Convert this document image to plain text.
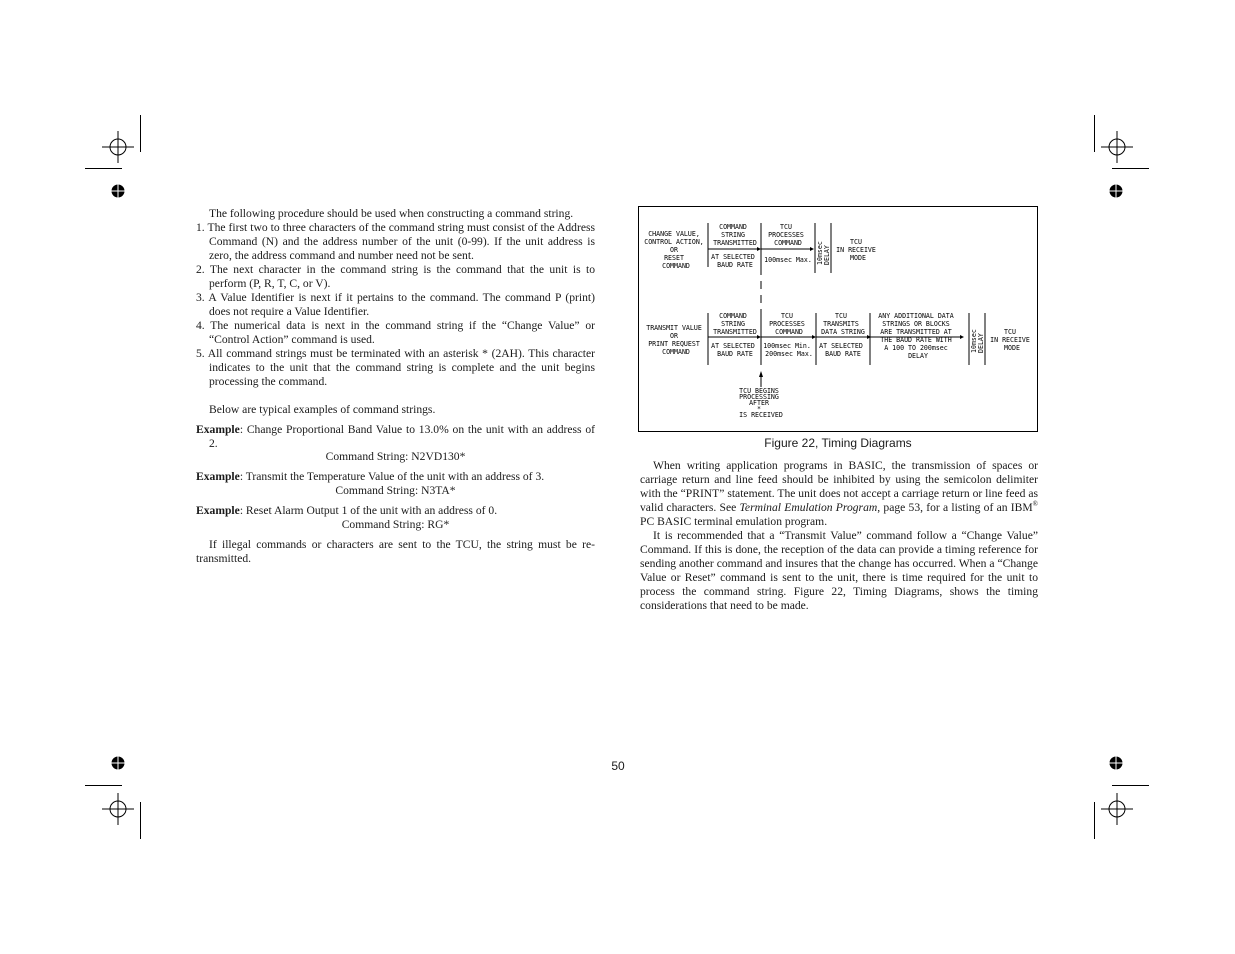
The following procedure should be used when constructing a command string.

1. The first two to three characters of the command string must consist of the Address Command (N) and the address number of the unit (0-99). If the unit address is zero, the address command and number need not be sent.

2. The next character in the command string is the command that the unit is to perform (P, R, T, C, or V).

3. A Value Identifier is next if it pertains to the command. The command P (print) does not require a Value Identifier.

4. The numerical data is next in the command string if the “Change Value” or “Control Action” command is used.

5. All command strings must be terminated with an asterisk * (2AH). This character indicates to the unit that the command string is complete and the unit begins processing the command.

Below are typical examples of command strings.

Example: Change Proportional Band Value to 13.0% on the unit with an address of 2.

Command String: N2VD130*

Example: Transmit the Temperature Value of the unit with an address of 3.

Command String: N3TA*

Example: Reset Alarm Output 1 of the unit with an address of 0.

Command String: RG*

If illegal commands or characters are sent to the TCU, the string must be re-transmitted.

CHANGE VALUE, CONTROL ACTION, OR RESET COMMAND
COMMAND STRING TRANSMITTED
AT SELECTED BAUD RATE
TCU PROCESSES COMMAND
100msec Max. 10msec DELAY
TCU IN RECEIVE MODE
TRANSMIT VALUE OR PRINT REQUEST COMMAND
COMMAND STRING TRANSMITTED
AT SELECTED BAUD RATE
TCU PROCESSES COMMAND
100msec Min. 200msec Max.
TCU TRANSMITS DATA STRING
AT SELECTED BAUD RATE
ANY ADDITIONAL DATA STRINGS OR BLOCKS ARE TRANSMITTED AT THE BAUD RATE WITH A 100 TO 200msec DELAY
10msec DELAY
TCU IN RECEIVE MODE
TCU BEGINS PROCESSING AFTER * IS RECEIVED
Figure 22, Timing Diagrams

When writing application programs in BASIC, the transmission of spaces or carriage return and line feed should be inhibited by using the semicolon delimiter with the “PRINT” statement. The unit does not accept a carriage return or line feed as valid characters. See Terminal Emulation Program, page 53, for a listing of an IBM® PC BASIC terminal emulation program.

It is recommended that a “Transmit Value” command follow a “Change Value” Command. If this is done, the reception of the data can provide a timing reference for sending another command and insures that the change has occurred. When a “Change Value or Reset” command is sent to the unit, there is time required for the unit to process the command string. Figure 22, Timing Diagrams, shows the timing considerations that need to be made.

50
